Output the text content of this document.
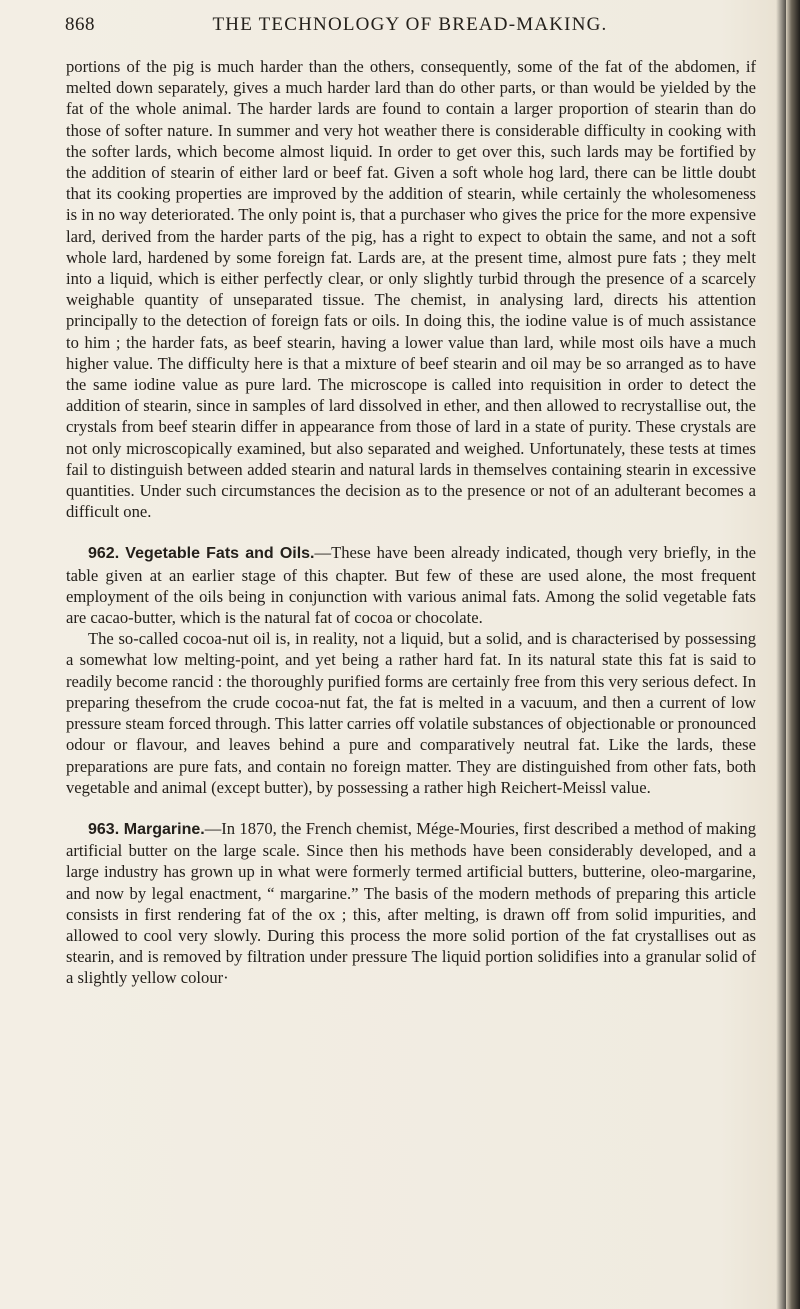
868	THE TECHNOLOGY OF BREAD-MAKING.

portions of the pig is much harder than the others, consequently, some of the fat of the abdomen, if melted down separately, gives a much harder lard than do other parts, or than would be yielded by the fat of the whole animal. The harder lards are found to contain a larger proportion of stearin than do those of softer nature. In summer and very hot weather there is considerable difficulty in cooking with the softer lards, which become almost liquid. In order to get over this, such lards may be fortified by the addition of stearin of either lard or beef fat. Given a soft whole hog lard, there can be little doubt that its cooking properties are improved by the addition of stearin, while certainly the wholesomeness is in no way deteriorated. The only point is, that a purchaser who gives the price for the more expensive lard, derived from the harder parts of the pig, has a right to expect to obtain the same, and not a soft whole lard, hardened by some foreign fat. Lards are, at the present time, almost pure fats ; they melt into a liquid, which is either perfectly clear, or only slightly turbid through the presence of a scarcely weighable quantity of unseparated tissue. The chemist, in analysing lard, directs his attention principally to the detection of foreign fats or oils. In doing this, the iodine value is of much assistance to him ; the harder fats, as beef stearin, having a lower value than lard, while most oils have a much higher value. The difficulty here is that a mixture of beef stearin and oil may be so arranged as to have the same iodine value as pure lard. The microscope is called into requisition in order to detect the addition of stearin, since in samples of lard dissolved in ether, and then allowed to recrystallise out, the crystals from beef stearin differ in appearance from those of lard in a state of purity. These crystals are not only microscopically examined, but also separated and weighed. Unfortunately, these tests at times fail to distinguish between added stearin and natural lards in themselves containing stearin in excessive quantities. Under such circumstances the decision as to the presence or not of an adulterant becomes a difficult one.

962. Vegetable Fats and Oils.—These have been already indicated, though very briefly, in the table given at an earlier stage of this chapter. But few of these are used alone, the most frequent employment of the oils being in conjunction with various animal fats. Among the solid vegetable fats are cacao-butter, which is the natural fat of cocoa or chocolate.

The so-called cocoa-nut oil is, in reality, not a liquid, but a solid, and is characterised by possessing a somewhat low melting-point, and yet being a rather hard fat. In its natural state this fat is said to readily become rancid : the thoroughly purified forms are certainly free from this very serious defect. In preparing thesefrom the crude cocoa-nut fat, the fat is melted in a vacuum, and then a current of low pressure steam forced through. This latter carries off volatile substances of objectionable or pronounced odour or flavour, and leaves behind a pure and comparatively neutral fat. Like the lards, these preparations are pure fats, and contain no foreign matter. They are distinguished from other fats, both vegetable and animal (except butter), by possessing a rather high Reichert-Meissl value.

963. Margarine.—In 1870, the French chemist, Mége-Mouries, first described a method of making artificial butter on the large scale. Since then his methods have been considerably developed, and a large industry has grown up in what were formerly termed artificial butters, butterine, oleo-margarine, and now by legal enactment, “ margarine.” The basis of the modern methods of preparing this article consists in first rendering fat of the ox ; this, after melting, is drawn off from solid impurities, and allowed to cool very slowly. During this process the more solid portion of the fat crystallises out as stearin, and is removed by filtration under pressure The liquid portion solidifies into a granular solid of a slightly yellow colour·
